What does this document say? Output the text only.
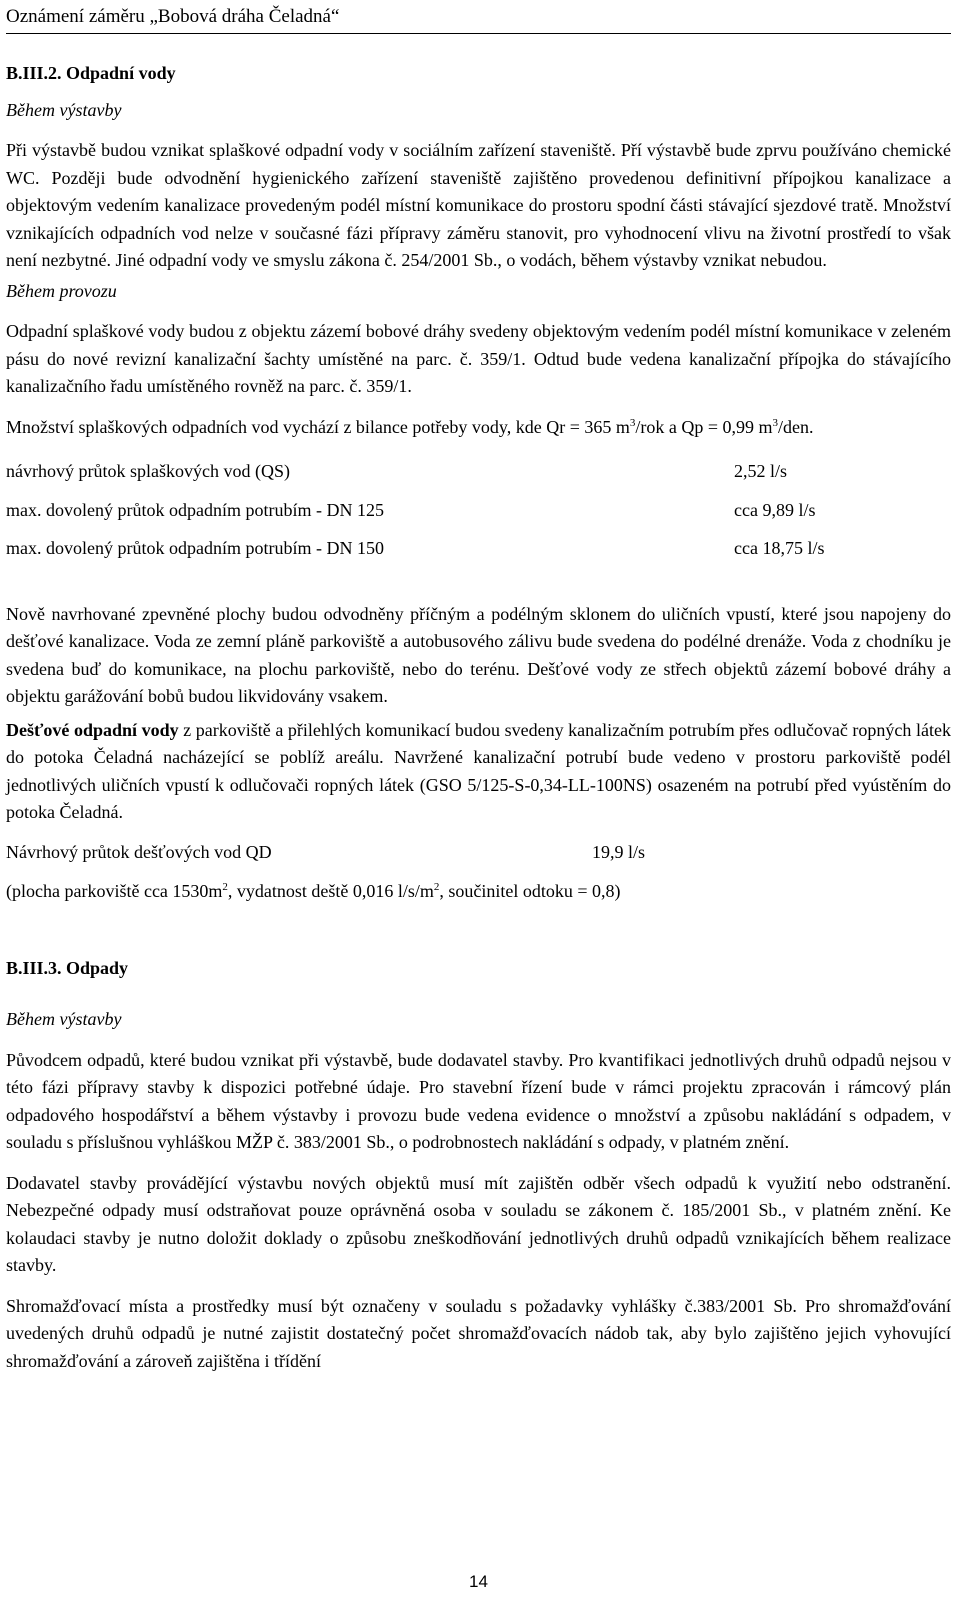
Oznámení záměru „Bobová dráha Čeladná“
B.III.2. Odpadní vody
Během výstavby

Při výstavbě budou vznikat splaškové odpadní vody v sociálním zařízení staveniště. Pří výstavbě bude zprvu používáno chemické WC. Později bude odvodnění hygienického zařízení staveniště zajištěno provedenou definitivní přípojkou kanalizace a objektovým vedením kanalizace provedeným podél místní komunikace do prostoru spodní části stávající sjezdové tratě. Množství vznikajících odpadních vod nelze v současné fázi přípravy záměru stanovit, pro vyhodnocení vlivu na životní prostředí to však není nezbytné. Jiné odpadní vody ve smyslu zákona č. 254/2001 Sb., o vodách, během výstavby vznikat nebudou.

Během provozu

Odpadní splaškové vody budou z objektu zázemí bobové dráhy svedeny objektovým vedením podél místní komunikace v zeleném pásu do nové revizní kanalizační šachty umístěné na parc. č. 359/1. Odtud bude vedena kanalizační přípojka do stávajícího kanalizačního řadu umístěného rovněž na parc. č. 359/1.

Množství splaškových odpadních vod vychází z bilance potřeby vody, kde Qr = 365 $m^3$/rok a Qp = 0,99 $m^3$/den.

návrhový průtok splaškových vod (QS)	2,52 l/s
max. dovolený průtok odpadním potrubím - DN 125	cca 9,89 l/s
max. dovolený průtok odpadním potrubím - DN 150	cca 18,75 l/s

Nově navrhované zpevněné plochy budou odvodněny příčným a podélným sklonem do uličních vpustí, které jsou napojeny do dešťové kanalizace. Voda ze zemní pláně parkoviště a autobusového zálivu bude svedena do podélné drenáže. Voda z chodníku je svedena buď do komunikace, na plochu parkoviště, nebo do terénu. Dešťové vody ze střech objektů zázemí bobové dráhy a objektu garážování bobů budou likvidovány vsakem.

Dešťové odpadní vody z parkoviště a přilehlých komunikací budou svedeny kanalizačním potrubím přes odlučovač ropných látek do potoka Čeladná nacházející se poblíž areálu. Navržené kanalizační potrubí bude vedeno v prostoru parkoviště podél jednotlivých uličních vpustí k odlučovači ropných látek (GSO 5/125-S-0,34-LL-100NS) osazeném na potrubí před vyústěním do potoka Čeladná.

Návrhový průtok dešťových vod QD	19,9 l/s

(plocha parkoviště cca $1530m^2$, vydatnost deště 0,016 $l/s/m^2$, součinitel odtoku = 0,8)

B.III.3. Odpady
Během výstavby

Původcem odpadů, které budou vznikat při výstavbě, bude dodavatel stavby. Pro kvantifikaci jednotlivých druhů odpadů nejsou v této fázi přípravy stavby k dispozici potřebné údaje. Pro stavební řízení bude v rámci projektu zpracován i rámcový plán odpadového hospodářství a během výstavby i provozu bude vedena evidence o množství a způsobu nakládání s odpadem, v souladu s příslušnou vyhláškou MŽP č. 383/2001 Sb., o podrobnostech nakládání s odpady, v platném znění.

Dodavatel stavby provádějící výstavbu nových objektů musí mít zajištěn odběr všech odpadů k využití nebo odstranění. Nebezpečné odpady musí odstraňovat pouze oprávněná osoba v souladu se zákonem č. 185/2001 Sb., v platném znění. Ke kolaudaci stavby je nutno doložit doklady o způsobu zneškodňování jednotlivých druhů odpadů vznikajících během realizace stavby.

Shromažďovací místa a prostředky musí být označeny v souladu s požadavky vyhlášky č.383/2001 Sb. Pro shromažďování uvedených druhů odpadů je nutné zajistit dostatečný počet shromažďovacích nádob tak, aby bylo zajištěno jejich vyhovující shromažďování a zároveň zajištěna i třídění

14
